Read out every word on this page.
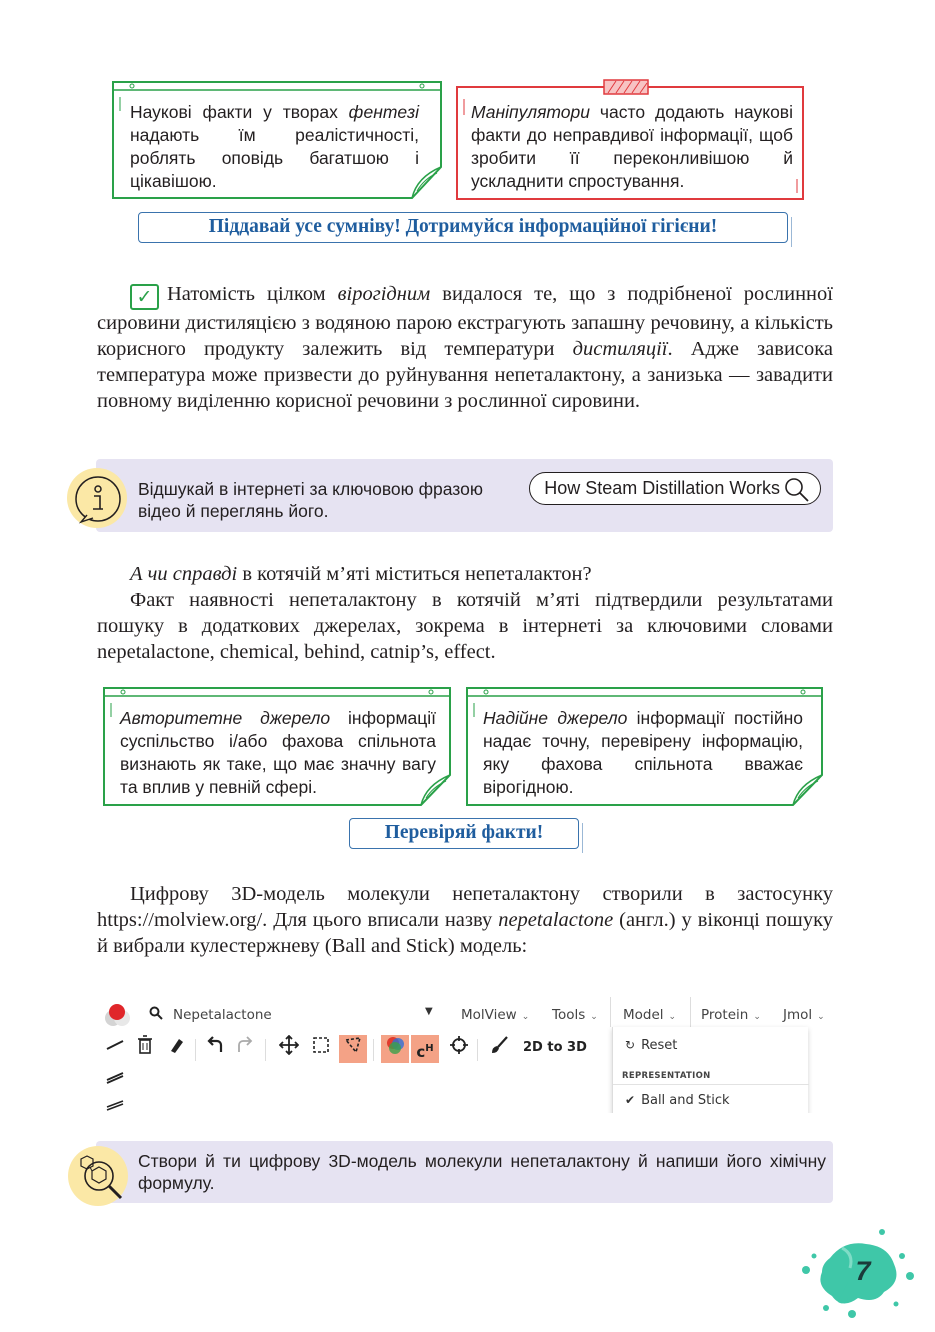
Наукові факти у творах фентезі надають їм реалістичності, роблять оповідь багатшою і цікавішою.
Маніпулятори часто додають наукові факти до неправдивої інформації, щоб зробити її переконливішою й ускладнити спростування.
Піддавай усе сумніву! Дотримуйся інформаційної гігієни!
✓ Натомість цілком вірогідним видалося те, що з подрібненої рослинної сировини дистиляцією з водяною парою екстрагують запашну речовину, а кількість корисного продукту залежить від температури дистиляції. Адже зависока температура може призвести до руйнування непеталактону, а занизька — завадити повному виділенню корисної речовини з рослинної сировини.
Відшукай в інтернеті за ключовою фразою
відео й переглянь його.
How Steam Distillation Works
А чи справді в котячій м’яті міститься непеталактон?
Факт наявності непеталактону в котячій м’яті підтвердили результатами пошуку в додаткових джерелах, зокрема в інтернеті за ключовими словами nepetalactone, chemical, behind, catnip’s, effect.
Авторитетне джерело інформації суспільство і/або фахова спільнота визнають як таке, що має значну вагу та вплив у певній сфері.
Надійне джерело інформації постійно надає точну, перевірену інформацію, яку фахова спільнота вважає вірогідною.
Перевіряй факти!
Цифрову 3D-модель молекули непеталактону створили в застосунку https://molview.org/. Для цього вписали назву nepetalactone (англ.) у віконці пошуку й вибрали кулестержневу (Ball and Stick) модель:
Nepetalactone	▼ MolView ⌄ Tools ⌄ Model ⌄ Protein ⌄ Jmol ⌄
$c^H$	2D to 3D	↻ Reset
REPRESENTATION
✔ Ball and Stick
Створи й ти цифрову 3D-модель молекули непеталактону й напиши його хімічну формулу.
7
